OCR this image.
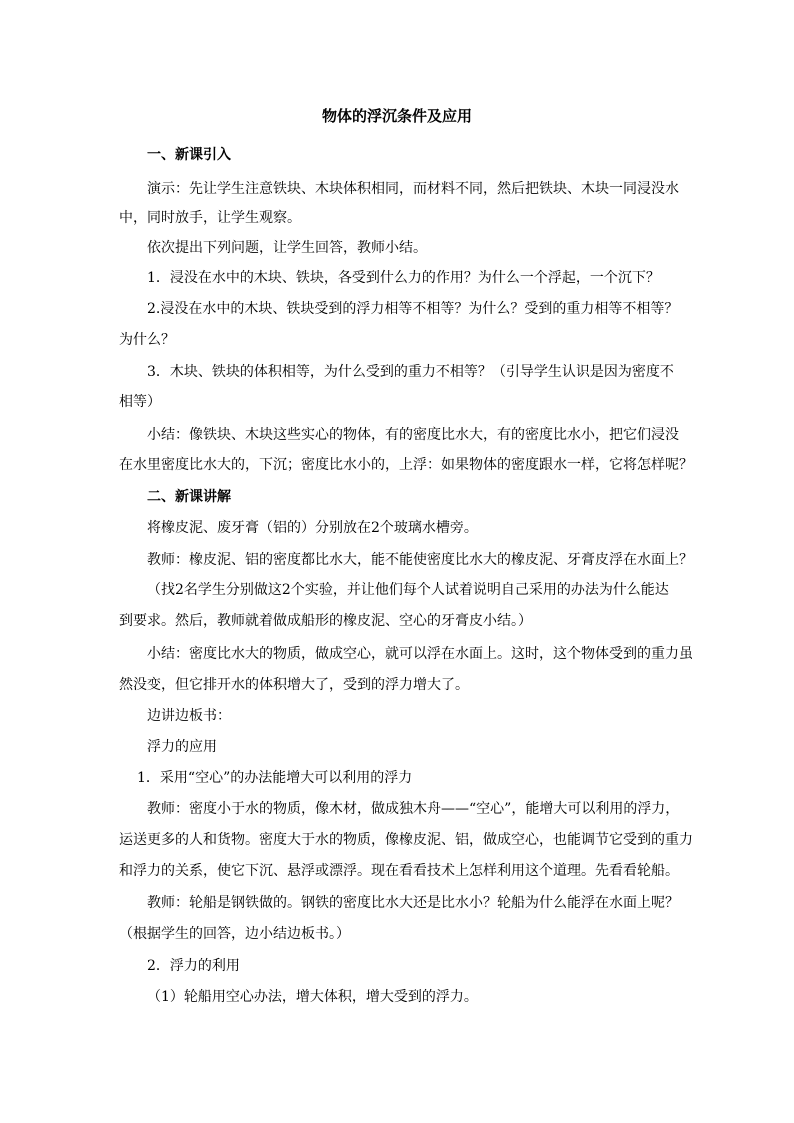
物体的浮沉条件及应用
一、新课引入
演示：先让学生注意铁块、木块体积相同，而材料不同，然后把铁块、木块一同浸没水
中，同时放手，让学生观察。
依次提出下列问题，让学生回答，教师小结。
1．浸没在水中的木块、铁块，各受到什么力的作用？为什么一个浮起，一个沉下？
2.浸没在水中的木块、铁块受到的浮力相等不相等？为什么？受到的重力相等不相等？
为什么？
3．木块、铁块的体积相等，为什么受到的重力不相等？（引导学生认识是因为密度不
相等）
小结：像铁块、木块这些实心的物体，有的密度比水大，有的密度比水小，把它们浸没
在水里密度比水大的，下沉；密度比水小的，上浮：如果物体的密度跟水一样，它将怎样呢？
二、新课讲解
将橡皮泥、废牙膏（铝的）分别放在2个玻璃水槽旁。
教师：橡皮泥、铝的密度都比水大，能不能使密度比水大的橡皮泥、牙膏皮浮在水面上？
（找2名学生分别做这2个实验，并让他们每个人试着说明自己采用的办法为什么能达
到要求。然后，教师就着做成船形的橡皮泥、空心的牙膏皮小结。）
小结：密度比水大的物质，做成空心，就可以浮在水面上。这时，这个物体受到的重力虽
然没变，但它排开水的体积增大了，受到的浮力增大了。
边讲边板书：
浮力的应用
1．采用“空心”的办法能增大可以利用的浮力
教师：密度小于水的物质，像木材，做成独木舟——“空心”，能增大可以利用的浮力，
运送更多的人和货物。密度大于水的物质，像橡皮泥、铝，做成空心，也能调节它受到的重力
和浮力的关系，使它下沉、悬浮或漂浮。现在看看技术上怎样利用这个道理。先看看轮船。
教师：轮船是钢铁做的。钢铁的密度比水大还是比水小？轮船为什么能浮在水面上呢？
（根据学生的回答，边小结边板书。）
2．浮力的利用
（1）轮船用空心办法，增大体积，增大受到的浮力。
